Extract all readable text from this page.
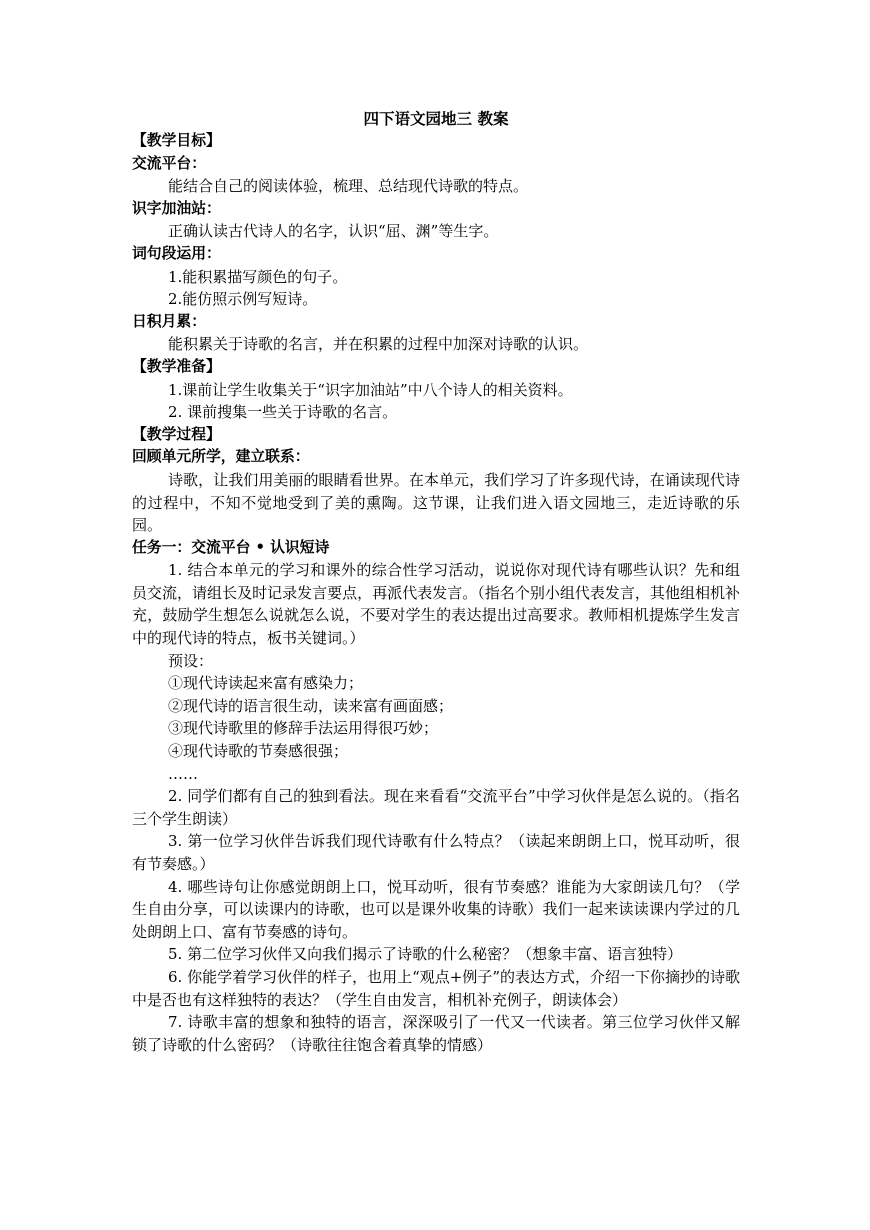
四下语文园地三 教案

【教学目标】

交流平台：

能结合自己的阅读体验，梳理、总结现代诗歌的特点。

识字加油站：

正确认读古代诗人的名字，认识“屈、渊”等生字。

词句段运用：

1.能积累描写颜色的句子。

2.能仿照示例写短诗。

日积月累：

能积累关于诗歌的名言，并在积累的过程中加深对诗歌的认识。

【教学准备】

1.课前让学生收集关于“识字加油站”中八个诗人的相关资料。

2. 课前搜集一些关于诗歌的名言。

【教学过程】

回顾单元所学，建立联系：

诗歌，让我们用美丽的眼睛看世界。在本单元，我们学习了许多现代诗，在诵读现代诗的过程中，不知不觉地受到了美的熏陶。这节课，让我们进入语文园地三，走近诗歌的乐园。

任务一：交流平台 • 认识短诗

1. 结合本单元的学习和课外的综合性学习活动，说说你对现代诗有哪些认识？先和组员交流，请组长及时记录发言要点，再派代表发言。（指名个别小组代表发言，其他组相机补充，鼓励学生想怎么说就怎么说，不要对学生的表达提出过高要求。教师相机提炼学生发言中的现代诗的特点，板书关键词。）

预设：

①现代诗读起来富有感染力；

②现代诗的语言很生动，读来富有画面感；

③现代诗歌里的修辞手法运用得很巧妙；

④现代诗歌的节奏感很强；

……

2. 同学们都有自己的独到看法。现在来看看“交流平台”中学习伙伴是怎么说的。（指名三个学生朗读）

3. 第一位学习伙伴告诉我们现代诗歌有什么特点？（读起来朗朗上口，悦耳动听，很有节奏感。）

4. 哪些诗句让你感觉朗朗上口，悦耳动听，很有节奏感？谁能为大家朗读几句？（学生自由分享，可以读课内的诗歌，也可以是课外收集的诗歌）我们一起来读读课内学过的几处朗朗上口、富有节奏感的诗句。

5. 第二位学习伙伴又向我们揭示了诗歌的什么秘密？（想象丰富、语言独特）

6. 你能学着学习伙伴的样子，也用上“观点+例子”的表达方式，介绍一下你摘抄的诗歌中是否也有这样独特的表达？（学生自由发言，相机补充例子，朗读体会）

7. 诗歌丰富的想象和独特的语言，深深吸引了一代又一代读者。第三位学习伙伴又解锁了诗歌的什么密码？（诗歌往往饱含着真挚的情感）
